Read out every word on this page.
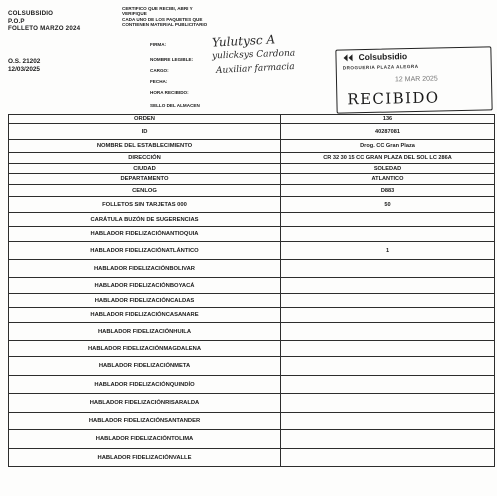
COLSUBSIDIO
P.O.P
FOLLETO MARZO 2024
O.S. 21202
12/03/2025
CERTIFICO QUE RECIBI, ABRI Y
VERIFIQUE
CADA UNO DE LOS PAQUETES QUE
CONTIENEN MATERIAL PUBLICITARIO
FIRMA:
NOMBRE LEGIBLE:
CARGO:
FECHA:
HORA RECIBIDO:
SELLO DEL ALMACEN
Yulutysc A
yulicksys Cardona
Auxiliar farmacia
Colsubsidio
DROGUERIA PLAZA ALEGRA
12 MAR 2025
RECIBIDO
ORDEN	136
ID	40287081
NOMBRE DEL ESTABLECIMIENTO	Drog. CC Gran Plaza
DIRECCIÓN	CR 32 30 15 CC GRAN PLAZA DEL SOL LC 286A
CIUDAD	SOLEDAD
DEPARTAMENTO	ATLANTICO
CENLOG	D883
FOLLETOS SIN TARJETAS 000	50
CARÁTULA BUZÓN DE SUGERENCIAS	
HABLADOR FIDELIZACIÓNANTIOQUIA	
HABLADOR FIDELIZACIÓNATLÁNTICO	1
HABLADOR FIDELIZACIÓNBOLIVAR	
HABLADOR FIDELIZACIÓNBOYACÁ	
HABLADOR FIDELIZACIÓNCALDAS	
HABLADOR FIDELIZACIÓNCASANARE	
HABLADOR FIDELIZACIÓNHUILA	
HABLADOR FIDELIZACIÓNMAGDALENA	
HABLADOR FIDELIZACIÓNMETA	
HABLADOR FIDELIZACIÓNQUINDÍO	
HABLADOR FIDELIZACIÓNRISARALDA	
HABLADOR FIDELIZACIÓNSANTANDER	
HABLADOR FIDELIZACIÓNTOLIMA	
HABLADOR FIDELIZACIÓNVALLE	
